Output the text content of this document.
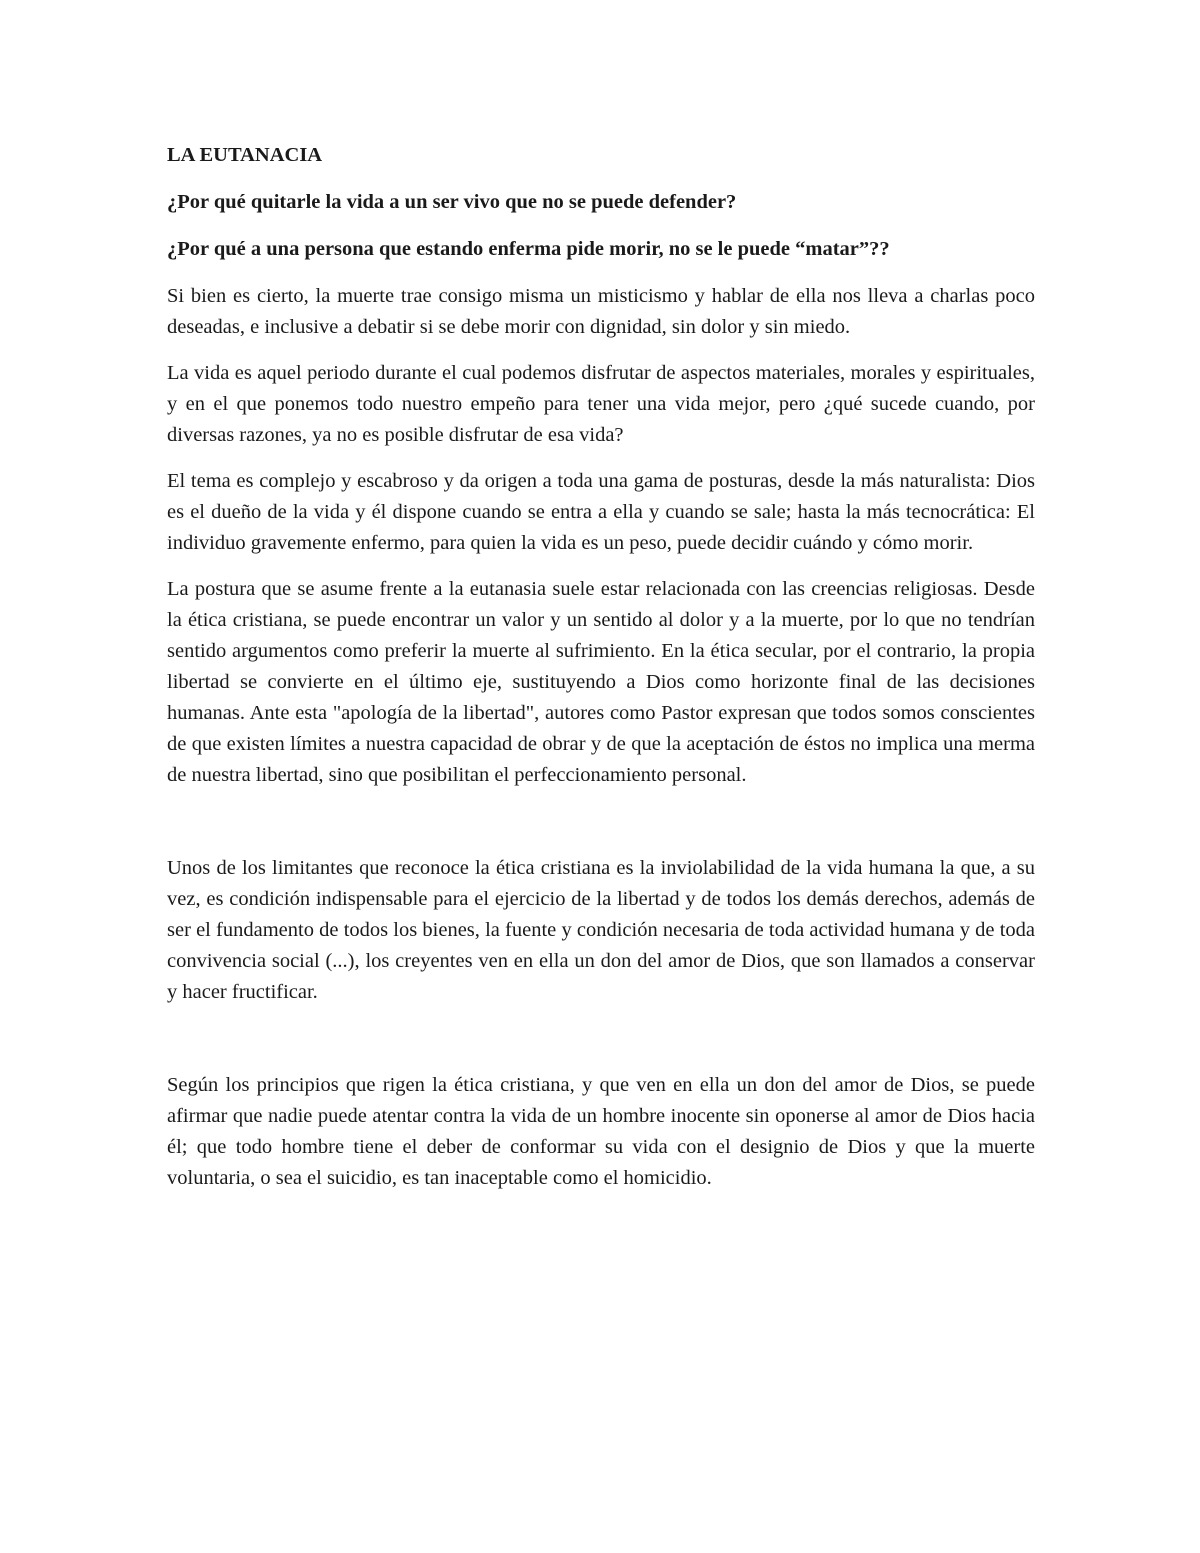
LA EUTANACIA

¿Por qué quitarle la vida a un ser vivo que no se puede defender?

¿Por qué a una persona que estando enferma pide morir, no se le puede “matar”??

Si bien es cierto, la muerte trae consigo misma un misticismo y hablar de ella nos lleva a charlas poco deseadas, e inclusive a debatir si se debe morir con dignidad, sin dolor y sin miedo.

La vida es aquel periodo durante el cual podemos disfrutar de aspectos materiales, morales y espirituales, y en el que ponemos todo nuestro empeño para tener una vida mejor, pero ¿qué sucede cuando, por diversas razones, ya no es posible disfrutar de esa vida?

El tema es complejo y escabroso y da origen a toda una gama de posturas, desde la más naturalista: Dios es el dueño de la vida y él dispone cuando se entra a ella y cuando se sale; hasta la más tecnocrática: El individuo gravemente enfermo, para quien la vida es un peso, puede decidir cuándo y cómo morir.

La postura que se asume frente a la eutanasia suele estar relacionada con las creencias religiosas. Desde la ética cristiana, se puede encontrar un valor y un sentido al dolor y a la muerte, por lo que no tendrían sentido argumentos como preferir la muerte al sufrimiento. En la ética secular, por el contrario, la propia libertad se convierte en el último eje, sustituyendo a Dios como horizonte final de las decisiones humanas. Ante esta "apología de la libertad", autores como Pastor expresan que todos somos conscientes de que existen límites a nuestra capacidad de obrar y de que la aceptación de éstos no implica una merma de nuestra libertad, sino que posibilitan el perfeccionamiento personal.

Unos de los limitantes que reconoce la ética cristiana es la inviolabilidad de la vida humana la que, a su vez, es condición indispensable para el ejercicio de la libertad y de todos los demás derechos, además de ser el fundamento de todos los bienes, la fuente y condición necesaria de toda actividad humana y de toda convivencia social (...), los creyentes ven en ella un don del amor de Dios, que son llamados a conservar y hacer fructificar.

Según los principios que rigen la ética cristiana, y que ven en ella un don del amor de Dios, se puede afirmar que nadie puede atentar contra la vida de un hombre inocente sin oponerse al amor de Dios hacia él; que todo hombre tiene el deber de conformar su vida con el designio de Dios y que la muerte voluntaria, o sea el suicidio, es tan inaceptable como el homicidio.
